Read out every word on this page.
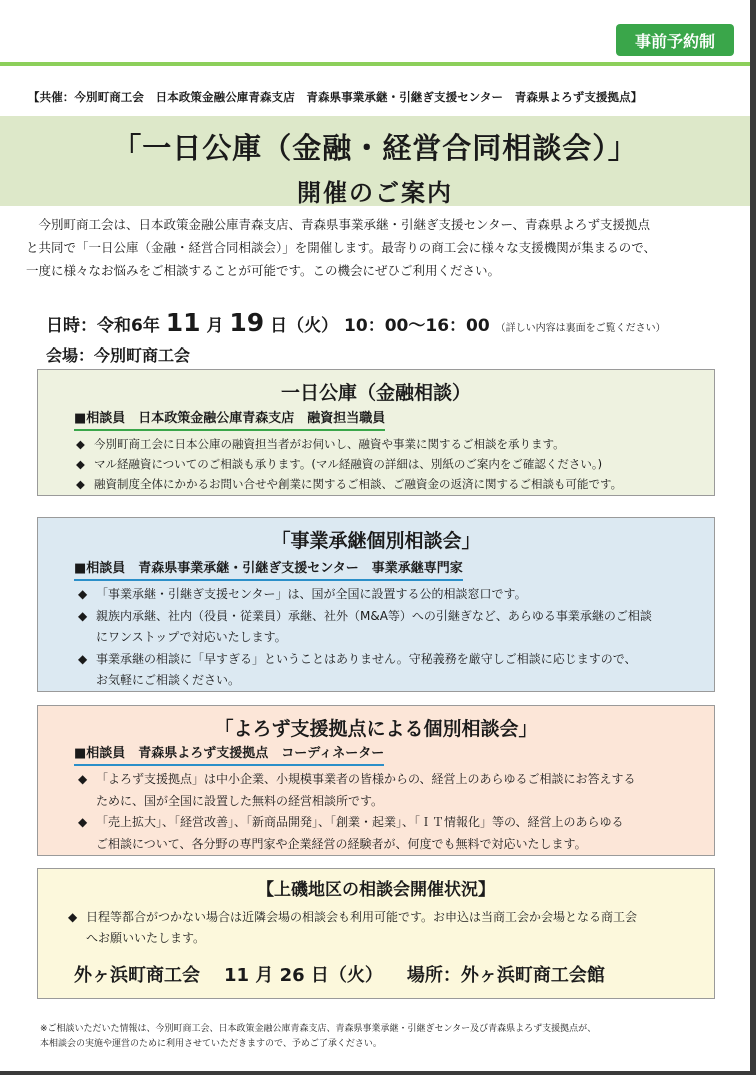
事前予約制
【共催：今別町商工会　日本政策金融公庫青森支店　青森県事業承継・引継ぎ支援センター　青森県よろず支援拠点】
「一日公庫（金融・経営合同相談会）」
開催のご案内

　今別町商工会は、日本政策金融公庫青森支店、青森県事業承継・引継ぎ支援センター、青森県よろず支援拠点

と共同で「一日公庫（金融・経営合同相談会）」を開催します。最寄りの商工会に様々な支援機関が集まるので、

一度に様々なお悩みをご相談することが可能です。この機会にぜひご利用ください。

日時：令和6年 11 月 19 日（火） 10：00〜16：00 （詳しい内容は裏面をご覧ください）
会場：今別町商工会
一日公庫（金融相談）
■相談員　日本政策金融公庫青森支店　融資担当職員
◆ 今別町商工会に日本公庫の融資担当者がお伺いし、融資や事業に関するご相談を承ります。
◆ マル経融資についてのご相談も承ります。(マル経融資の詳細は、別紙のご案内をご確認ください。)
◆ 融資制度全体にかかるお問い合せや創業に関するご相談、ご融資金の返済に関するご相談も可能です。
「事業承継個別相談会」
■相談員　青森県事業承継・引継ぎ支援センター　事業承継専門家
◆ 「事業承継・引継ぎ支援センター」は、国が全国に設置する公的相談窓口です。
◆ 親族内承継、社内（役員・従業員）承継、社外（M&A等）への引継ぎなど、あらゆる事業承継のご相談
にワンストップで対応いたします。
◆ 事業承継の相談に「早すぎる」ということはありません。守秘義務を厳守しご相談に応じますので、
お気軽にご相談ください。
「よろず支援拠点による個別相談会」
■相談員　青森県よろず支援拠点　コーディネーター
◆ 「よろず支援拠点」は中小企業、小規模事業者の皆様からの、経営上のあらゆるご相談にお答えする
ために、国が全国に設置した無料の経営相談所です。
◆ 「売上拡大」、「経営改善」、「新商品開発」、「創業・起業」、「ＩＴ情報化」等の、経営上のあらゆる
ご相談について、各分野の専門家や企業経営の経験者が、何度でも無料で対応いたします。
【上磯地区の相談会開催状況】
◆ 日程等都合がつかない場合は近隣会場の相談会も利用可能です。お申込は当商工会か会場となる商工会
へお願いいたします。
外ヶ浜町商工会 11 月 26 日（火） 場所：外ヶ浜町商工会館

※ご相談いただいた情報は、今別町商工会、日本政策金融公庫青森支店、青森県事業承継・引継ぎセンター及び青森県よろず支援拠点が、

本相談会の実施や運営のために利用させていただきますので、予めご了承ください。
